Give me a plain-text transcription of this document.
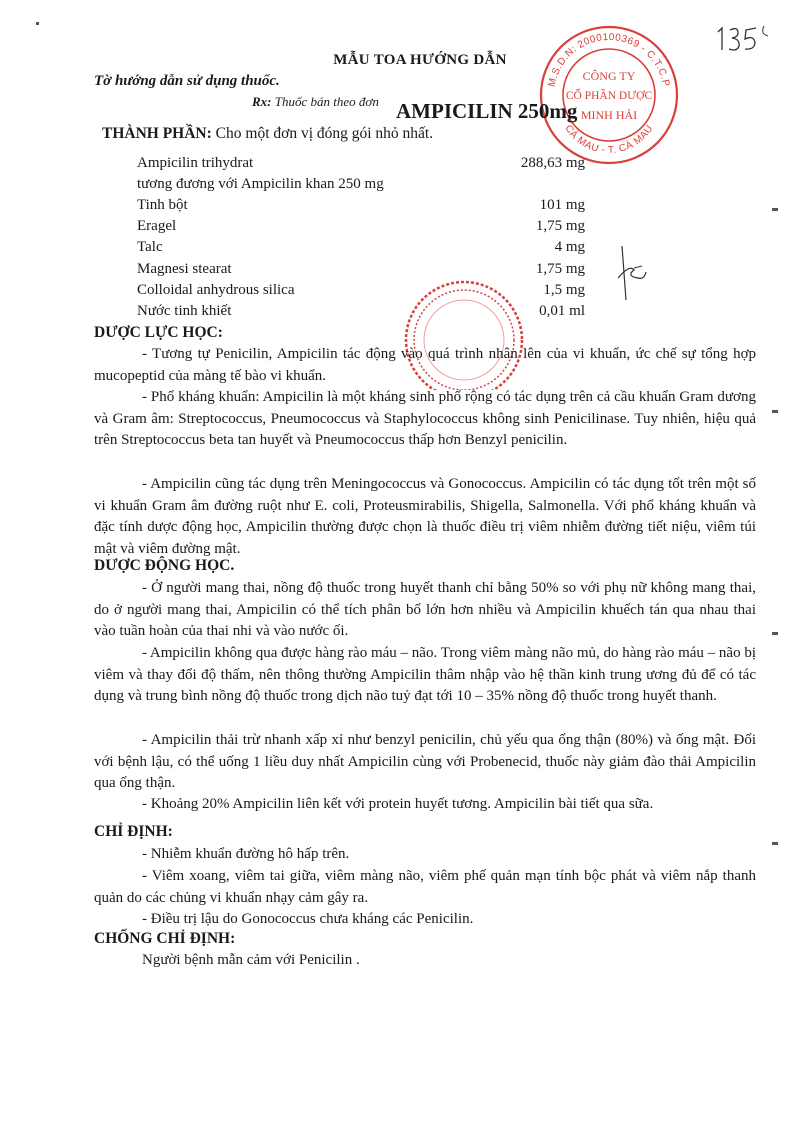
M.S.D.N: 2000100369 - C.T.C.P
CÀ MAU - T. CÀ MAU
CÔNG TY
CỔ PHẦN DƯỢC
MINH HẢI
MẪU TOA HƯỚNG DẪN
Tờ hướng dẫn sử dụng thuốc.
Rx: Thuốc bán theo đơn AMPICILIN 250mg
THÀNH PHẦN: Cho một đơn vị đóng gói nhỏ nhất.
Ampicilin trihydrat	288,63 mg
tương đương với Ampicilin khan 250 mg
Tinh bột	101 mg
Eragel	1,75 mg
Talc	4 mg
Magnesi stearat	1,75 mg
Colloidal anhydrous silica	1,5 mg
Nước tinh khiết	0,01 ml
DƯỢC LỰC HỌC:

- Tương tự Penicilin, Ampicilin tác động vào quá trình nhân lên của vi khuẩn, ức chế sự tổng hợp mucopeptid của màng tế bào vi khuẩn.

- Phổ kháng khuẩn: Ampicilin là một kháng sinh phổ rộng có tác dụng trên cả cầu khuẩn Gram dương và Gram âm: Streptococcus, Pneumococcus và Staphylococcus không sinh Penicilinase. Tuy nhiên, hiệu quả trên Streptococcus beta tan huyết và Pneumococcus thấp hơn Benzyl penicilin.

- Ampicilin cũng tác dụng trên Meningococcus và Gonococcus. Ampicilin có tác dụng tốt trên một số vi khuẩn Gram âm đường ruột như E. coli, Proteusmirabilis, Shigella, Salmonella. Với phổ kháng khuẩn và đặc tính dược động học, Ampicilin thường được chọn là thuốc điều trị viêm nhiễm đường tiết niệu, viêm túi mật và viêm đường mật.

DƯỢC ĐỘNG HỌC.

- Ở người mang thai, nồng độ thuốc trong huyết thanh chỉ bằng 50% so với phụ nữ không mang thai, do ở người mang thai, Ampicilin có thể tích phân bố lớn hơn nhiều và Ampicilin khuếch tán qua nhau thai vào tuần hoàn của thai nhi và vào nước ối.

- Ampicilin không qua được hàng rào máu – não. Trong viêm màng não mủ, do hàng rào máu – não bị viêm và thay đổi độ thấm, nên thông thường Ampicilin thâm nhập vào hệ thần kinh trung ương đủ để có tác dụng và trung bình nồng độ thuốc trong dịch não tuỷ đạt tới 10 – 35% nồng độ thuốc trong huyết thanh.

- Ampicilin thải trừ nhanh xấp xỉ như benzyl penicilin, chủ yếu qua ống thận (80%) và ống mật. Đối với bệnh lậu, có thể uống 1 liều duy nhất Ampicilin cùng với Probenecid, thuốc này giảm đào thải Ampicilin qua ống thận.

- Khoảng 20% Ampicilin liên kết với protein huyết tương. Ampicilin bài tiết qua sữa.

CHỈ ĐỊNH:

- Nhiễm khuẩn đường hô hấp trên.

- Viêm xoang, viêm tai giữa, viêm màng não, viêm phế quản mạn tính bộc phát và viêm nắp thanh quản do các chủng vi khuẩn nhạy cảm gây ra.

- Điều trị lậu do Gonococcus chưa kháng các Penicilin.

CHỐNG CHỈ ĐỊNH:
Người bệnh mẫn cảm với Penicilin .
